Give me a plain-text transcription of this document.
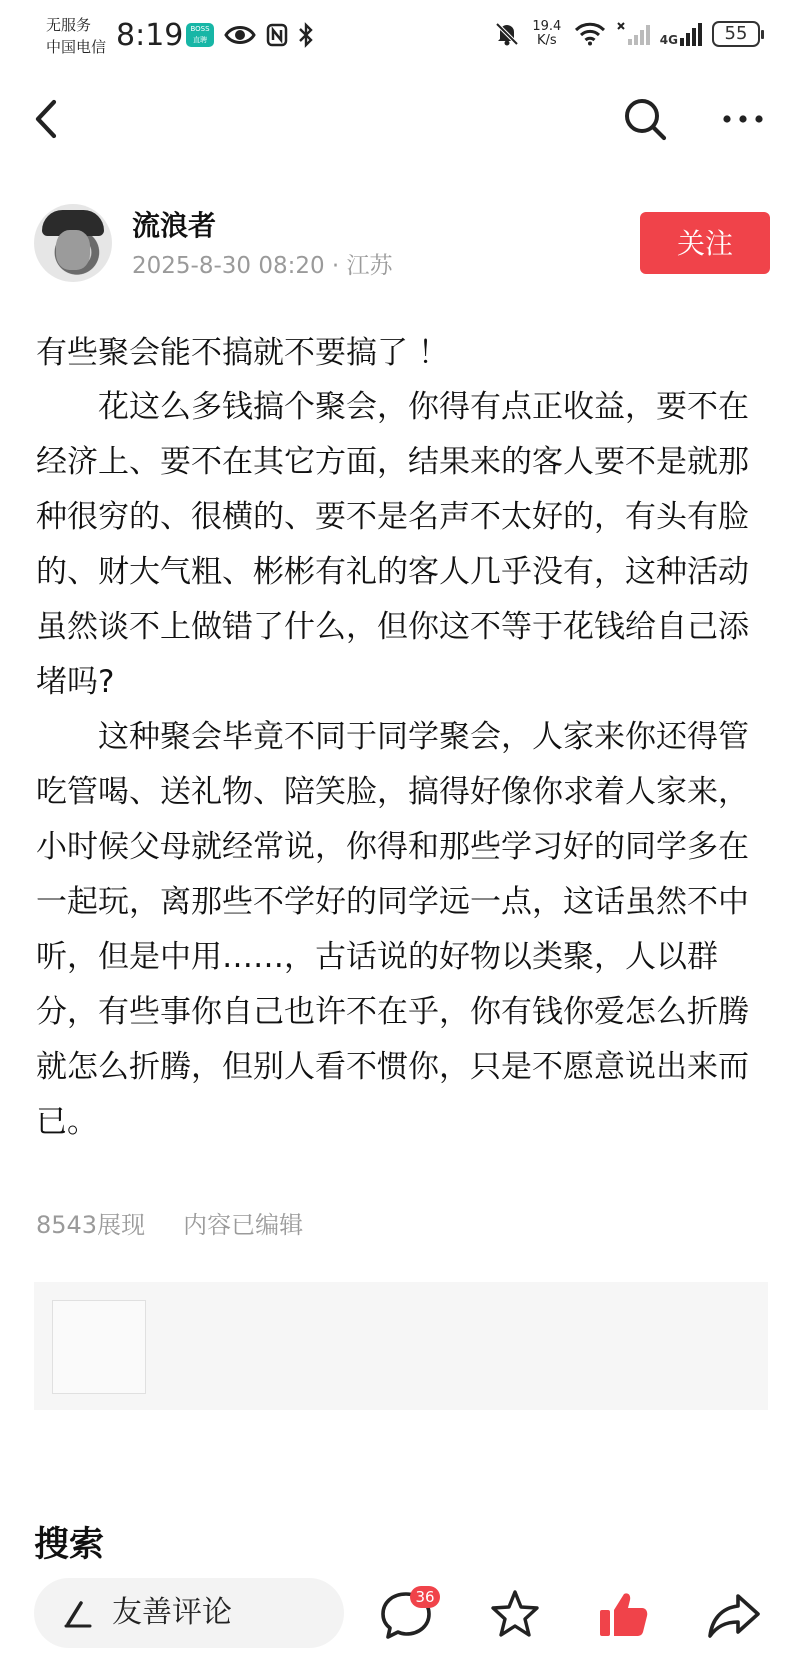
无服务
中国电信 8:19	BOSS 直聘
19.4
K/s	4G	55
流浪者
2025-8-30 08:20 · 江苏
关注
有些聚会能不搞就不要搞了 ！

花这么多钱搞个聚会，你得有点正收益，要不在经济上、要不在其它方面，结果来的客人要不是就那种很穷的、很横的、要不是名声不太好的，有头有脸的、财大气粗、彬彬有礼的客人几乎没有，这种活动虽然谈不上做错了什么，但你这不等于花钱给自己添堵吗?

这种聚会毕竟不同于同学聚会，人家来你还得管吃管喝、送礼物、陪笑脸，搞得好像你求着人家来，小时候父母就经常说，你得和那些学习好的同学多在一起玩，离那些不学好的同学远一点，这话虽然不中听，但是中用……，古话说的好物以类聚，人以群分，有些事你自己也许不在乎，你有钱你爱怎么折腾就怎么折腾，但别人看不惯你，只是不愿意说出来而已。

8543展现 内容已编辑
搜索
友善评论	36
